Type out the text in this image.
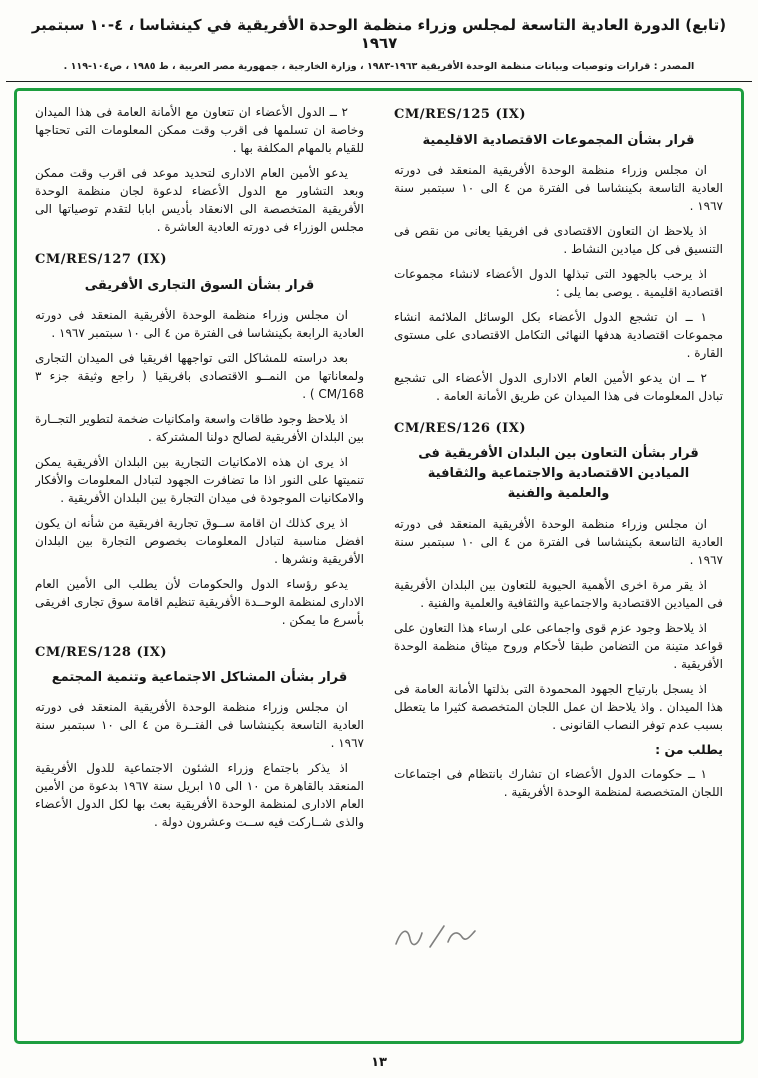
(تابع) الدورة العادية التاسعة لمجلس وزراء منظمة الوحدة الأفريقية في كينشاسا ، ٤-١٠ سبتمبر ١٩٦٧
المصدر : قرارات وتوصيات وبيانات منظمة الوحدة الأفريقية ١٩٦٣-١٩٨٣ ، وزارة الخارجية ، جمهورية مصر العربية ، ط ١٩٨٥ ، ص١٠٤-١١٩ .
CM/RES/125 (IX)
قرار بشأن المجموعات الاقتصادية الاقليمية

ان مجلس وزراء منظمة الوحدة الأفريقية المنعقد فى دورته العادية التاسعة بكينشاسا فى الفترة من ٤ الى ١٠ سبتمبر سنة ١٩٦٧ .

اذ يلاحظ ان التعاون الاقتصادى فى افريقيا يعانى من نقص فى التنسيق فى كل ميادين النشاط .

اذ يرحب بالجهود التى تبذلها الدول الأعضاء لانشاء مجموعات اقتصادية اقليمية . يوصى بما يلى :

١ ــ ان تشجع الدول الأعضاء بكل الوسائل الملائمة انشاء مجموعات اقتصادية هدفها النهائى التكامل الاقتصادى على مستوى القارة .

٢ ــ ان يدعو الأمين العام الادارى الدول الأعضاء الى تشجيع تبادل المعلومات فى هذا الميدان عن طريق الأمانة العامة .

CM/RES/126 (IX)
قرار بشأن التعاون بين البلدان الأفريقية فى الميادين الاقتصادية والاجتماعية والثقافية والعلمية والفنية

ان مجلس وزراء منظمة الوحدة الأفريقية المنعقد فى دورته العادية التاسعة بكينشاسا فى الفترة من ٤ الى ١٠ سبتمبر سنة ١٩٦٧ .

اذ يقر مرة اخرى الأهمية الحيوية للتعاون بين البلدان الأفريقية فى الميادين الاقتصادية والاجتماعية والثقافية والعلمية والفنية .

اذ يلاحظ وجود عزم قوى واجماعى على ارساء هذا التعاون على قواعد متينة من التضامن طبقا لأحكام وروح ميثاق منظمة الوحدة الأفريقية .

اذ يسجل بارتياح الجهود المحمودة التى بذلتها الأمانة العامة فى هذا الميدان . واذ يلاحظ ان عمل اللجان المتخصصة كثيرا ما يتعطل بسبب عدم توفر النصاب القانونى .

يطلب من :

١ ــ حكومات الدول الأعضاء ان تشارك بانتظام فى اجتماعات اللجان المتخصصة لمنظمة الوحدة الأفريقية .

٢ ــ الدول الأعضاء ان تتعاون مع الأمانة العامة فى هذا الميدان وخاصة ان تسلمها فى اقرب وقت ممكن المعلومات التى تحتاجها للقيام بالمهام المكلفة بها .

يدعو الأمين العام الادارى لتحديد موعد فى اقرب وقت ممكن وبعد التشاور مع الدول الأعضاء لدعوة لجان منظمة الوحدة الأفريقية المتخصصة الى الانعقاد بأديس ابابا لتقدم توصياتها الى مجلس الوزراء فى دورته العادية العاشرة .

CM/RES/127 (IX)
قرار بشأن السوق التجارى الأفريقى

ان مجلس وزراء منظمة الوحدة الأفريقية المنعقد فى دورته العادية الرابعة بكينشاسا فى الفترة من ٤ الى ١٠ سبتمبر ١٩٦٧ .

بعد دراسته للمشاكل التى تواجهها افريقيا فى الميدان التجارى ولمعاناتها من النمــو الاقتصادى بافريقيا ( راجع وثيقة جزء ٣ CM/168 ) .

اذ يلاحظ وجود طاقات واسعة وامكانيات ضخمة لتطوير التجــارة بين البلدان الأفريقية لصالح دولنا المشتركة .

اذ يرى ان هذه الامكانيات التجارية بين البلدان الأفريقية يمكن تنميتها على النور اذا ما تضافرت الجهود لتبادل المعلومات والأفكار والامكانيات الموجودة فى ميدان التجارة بين البلدان الأفريقية .

اذ يرى كذلك ان اقامة ســوق تجارية افريقية من شأنه ان يكون افضل مناسبة لتبادل المعلومات بخصوص التجارة بين البلدان الأفريقية ونشرها .

يدعو رؤساء الدول والحكومات لأن يطلب الى الأمين العام الادارى لمنظمة الوحــدة الأفريقية تنظيم اقامة سوق تجارى افريقى بأسرع ما يمكن .

CM/RES/128 (IX)
قرار بشأن المشاكل الاجتماعية وتنمية المجتمع

ان مجلس وزراء منظمة الوحدة الأفريقية المنعقد فى دورته العادية التاسعة بكينشاسا فى الفتــرة من ٤ الى ١٠ سبتمبر سنة ١٩٦٧ .

اذ يذكر باجتماع وزراء الشئون الاجتماعية للدول الأفريقية المنعقد بالقاهرة من ١٠ الى ١٥ ابريل سنة ١٩٦٧ بدعوة من الأمين العام الادارى لمنظمة الوحدة الأفريقية بعث بها لكل الدول الأعضاء والذى شــاركت فيه ســت وعشرون دولة .

١٣
